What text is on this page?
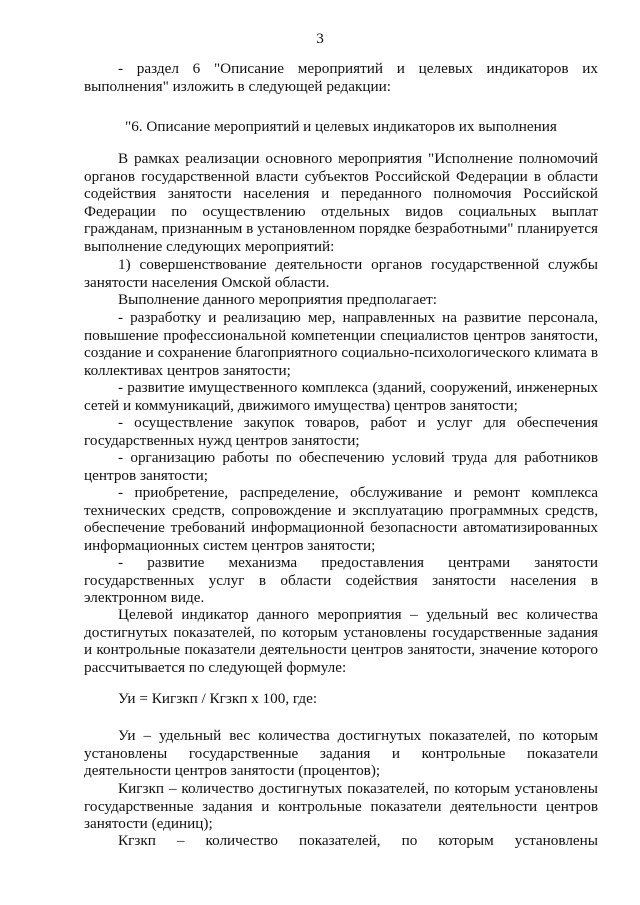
3

- раздел 6 "Описание мероприятий и целевых индикаторов их выполнения" изложить в следующей редакции:

"6. Описание мероприятий и целевых индикаторов их выполнения

В рамках реализации основного мероприятия "Исполнение полномочий органов государственной власти субъектов Российской Федерации в области содействия занятости населения и переданного полномочия Российской Федерации по осуществлению отдельных видов социальных выплат гражданам, признанным в установленном порядке безработными" планируется выполнение следующих мероприятий:

1) совершенствование деятельности органов государственной службы занятости населения Омской области.

Выполнение данного мероприятия предполагает:

- разработку и реализацию мер, направленных на развитие персонала, повышение профессиональной компетенции специалистов центров занятости, создание и сохранение благоприятного социально-психологического климата в коллективах центров занятости;

- развитие имущественного комплекса (зданий, сооружений, инженерных сетей и коммуникаций, движимого имущества) центров занятости;

- осуществление закупок товаров, работ и услуг для обеспечения государственных нужд центров занятости;

- организацию работы по обеспечению условий труда для работников центров занятости;

- приобретение, распределение, обслуживание и ремонт комплекса технических средств, сопровождение и эксплуатацию программных средств, обеспечение требований информационной безопасности автоматизированных информационных систем центров занятости;

- развитие механизма предоставления центрами занятости государственных услуг в области содействия занятости населения в электронном виде.

Целевой индикатор данного мероприятия – удельный вес количества достигнутых показателей, по которым установлены государственные задания и контрольные показатели деятельности центров занятости, значение которого рассчитывается по следующей формуле:

Уи = Кигзкп / Кгзкп х 100, где:

Уи – удельный вес количества достигнутых показателей, по которым установлены государственные задания и контрольные показатели деятельности центров занятости (процентов);

Кигзкп – количество достигнутых показателей, по которым установлены государственные задания и контрольные показатели деятельности центров занятости (единиц);

Кгзкп – количество показателей, по которым установлены
